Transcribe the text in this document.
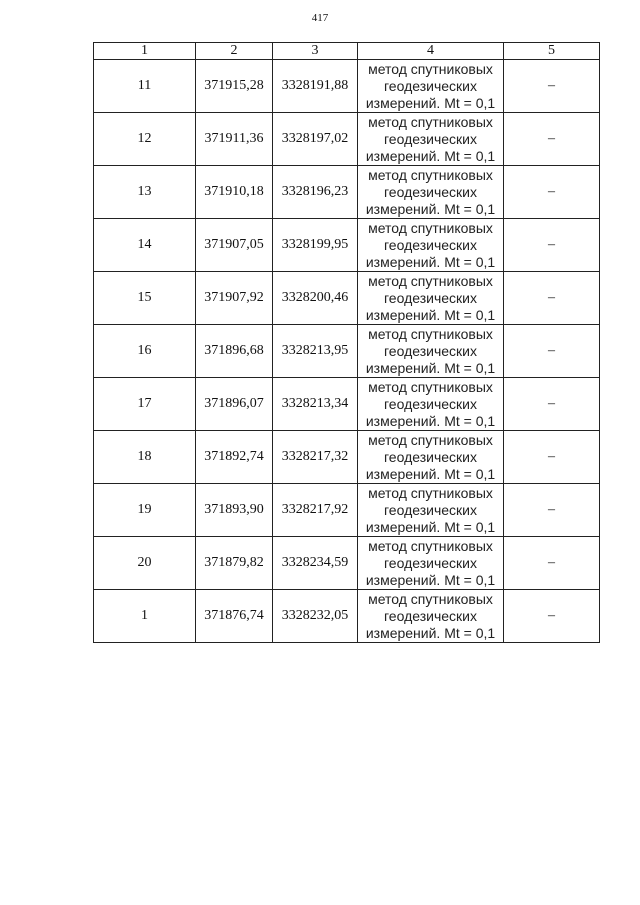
417
1	2	3	4	5
11	371915,28	3328191,88	метод спутниковых
геодезических
измерений. Mt = 0,1	–
12	371911,36	3328197,02	метод спутниковых
геодезических
измерений. Mt = 0,1	–
13	371910,18	3328196,23	метод спутниковых
геодезических
измерений. Mt = 0,1	–
14	371907,05	3328199,95	метод спутниковых
геодезических
измерений. Mt = 0,1	–
15	371907,92	3328200,46	метод спутниковых
геодезических
измерений. Mt = 0,1	–
16	371896,68	3328213,95	метод спутниковых
геодезических
измерений. Mt = 0,1	–
17	371896,07	3328213,34	метод спутниковых
геодезических
измерений. Mt = 0,1	–
18	371892,74	3328217,32	метод спутниковых
геодезических
измерений. Mt = 0,1	–
19	371893,90	3328217,92	метод спутниковых
геодезических
измерений. Mt = 0,1	–
20	371879,82	3328234,59	метод спутниковых
геодезических
измерений. Mt = 0,1	–
1	371876,74	3328232,05	метод спутниковых
геодезических
измерений. Mt = 0,1	–
